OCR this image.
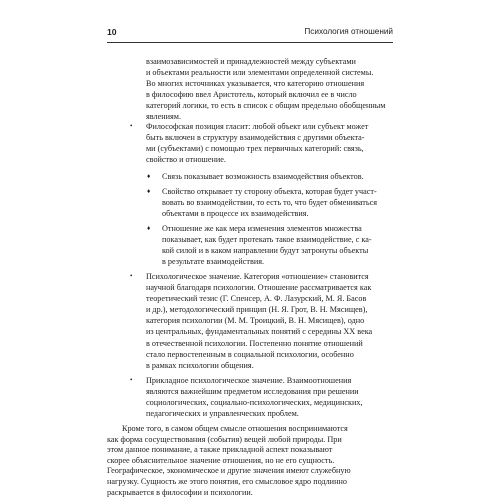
10	Психология отношений

взаимозависимостей и принадлежностей между субъектами

и объектами реальности или элементами определенной системы.

Во многих источниках указывается, что категорию отношения

в философию ввел Аристотель, который включил ее в число

категорий логики, то есть в список с общим предельно обобщенным

явлениям.

• Философская позиция гласит: любой объект или субъект может

быть включен в структуру взаимодействия с другими объекта-

ми (субъектами) с помощью трех первичных категорий: связь,

свойство и отношение.

♦ Связь показывает возможность взаимодействия объектов.

♦ Свойство открывает ту сторону объекта, которая будет участ-

вовать во взаимодействии, то есть то, что будет обмениваться

объектами в процессе их взаимодействия.

♦ Отношение же как мера изменения элементов множества

показывает, как будет протекать такое взаимодействие, с ка-

кой силой и в каком направлении будут затронуты объекты

в результате взаимодействия.

• Психологическое значение. Категория «отношение» становится

научной благодаря психологии. Отношение рассматривается как

теоретический тезис (Г. Спенсер, А. Ф. Лазурский, М. Я. Басов

и др.), методологический принцип (Н. Я. Грот, В. Н. Мясищев),

категория психологии (М. М. Троицкий, В. Н. Мясищев), одно

из центральных, фундаментальных понятий с середины XX века

в отечественной психологии. Постепенно понятие отношений

стало первостепенным в социальной психологии, особенно

в рамках психологии общения.

• Прикладное психологическое значение. Взаимоотношения

являются важнейшим предметом исследования при решении

социологических, социально-психологических, медицинских,

педагогических и управленческих проблем.

Кроме того, в самом общем смысле отношения воспринимаются

как форма сосуществования (события) вещей любой природы. При

этом данное понимание, а также прикладной аспект показывают

скорее объяснительное значение отношения, но не его сущность.

Географическое, экономическое и другие значения имеют служебную

нагрузку. Сущность же этого понятия, его смысловое ядро подлинно

раскрывается в философии и психологии.
